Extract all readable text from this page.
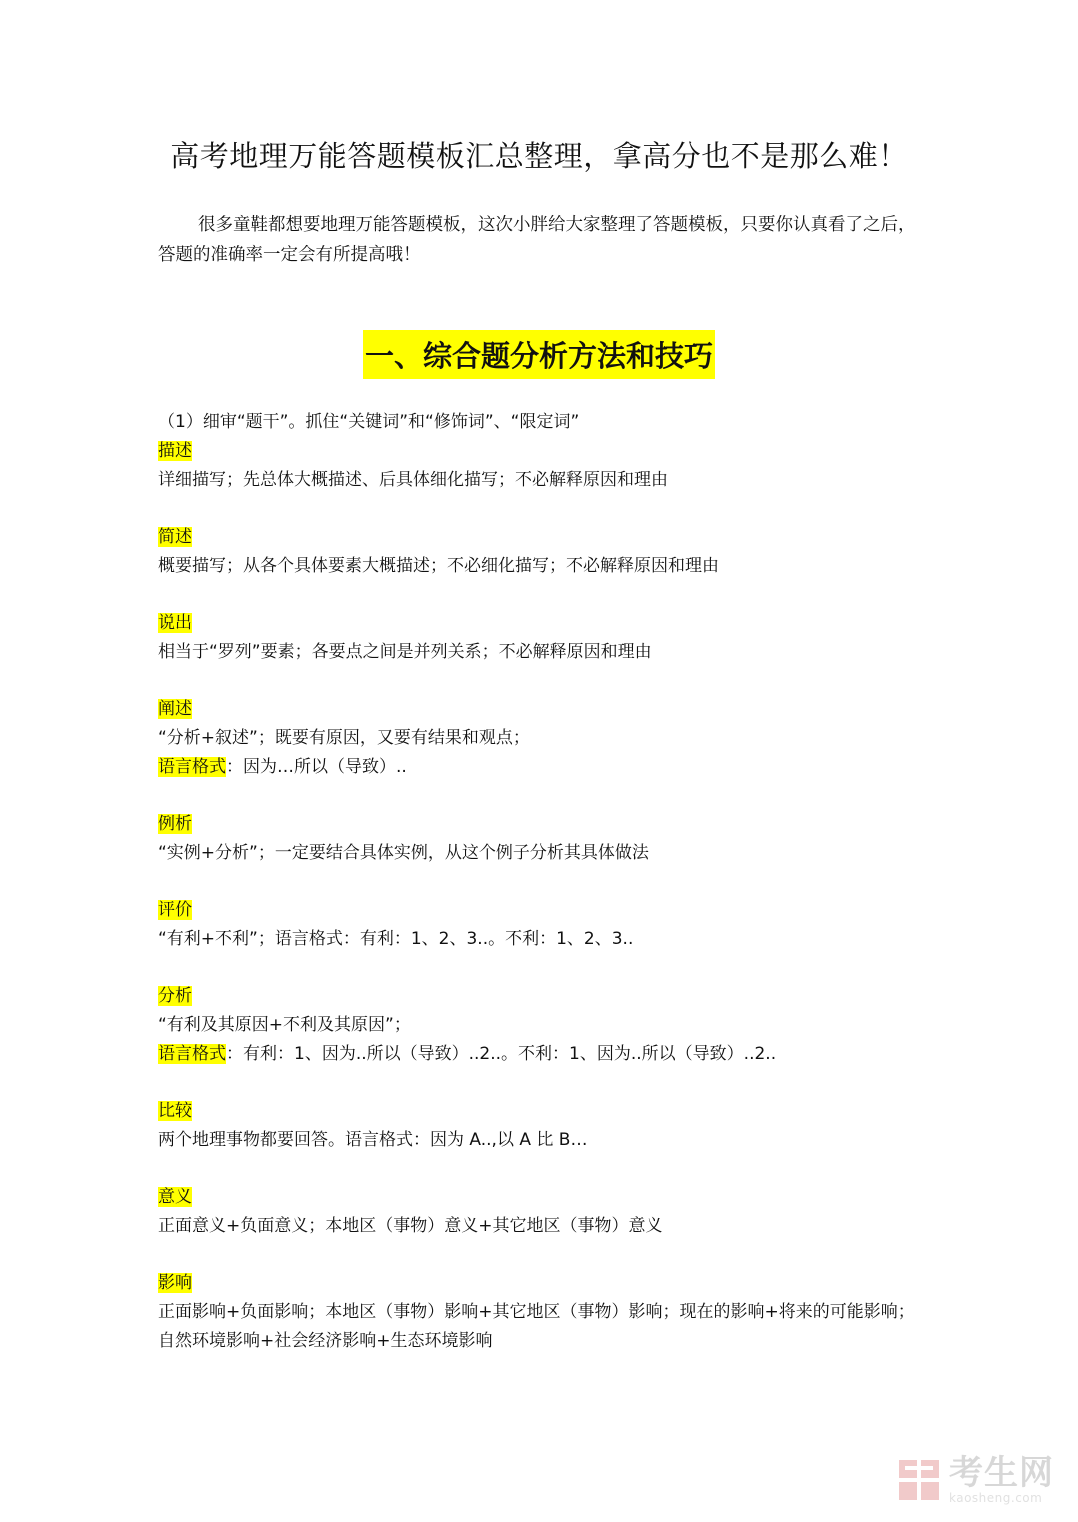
高考地理万能答题模板汇总整理，拿高分也不是那么难！
很多童鞋都想要地理万能答题模板，这次小胖给大家整理了答题模板，只要你认真看了之后，答题的准确率一定会有所提高哦！
一、综合题分析方法和技巧
（1）细审“题干”。抓住“关键词”和“修饰词”、“限定词”
描述
详细描写；先总体大概描述、后具体细化描写；不必解释原因和理由
简述
概要描写；从各个具体要素大概描述；不必细化描写；不必解释原因和理由
说出
相当于“罗列”要素；各要点之间是并列关系；不必解释原因和理由
阐述
“分析+叙述”；既要有原因，又要有结果和观点；
语言格式：因为…所以（导致）..
例析
“实例+分析”；一定要结合具体实例，从这个例子分析其具体做法
评价
“有利+不利”；语言格式：有利：1、2、3..。不利：1、2、3..
分析
“有利及其原因+不利及其原因”；
语言格式：有利：1、因为..所以（导致）..2..。不利：1、因为..所以（导致）..2..
比较
两个地理事物都要回答。语言格式：因为 A..,以 A 比 B…
意义
正面意义+负面意义；本地区（事物）意义+其它地区（事物）意义
影响
正面影响+负面影响；本地区（事物）影响+其它地区（事物）影响；现在的影响+将来的可能影响；自然环境影响+社会经济影响+生态环境影响
考生网
kaosheng.com
